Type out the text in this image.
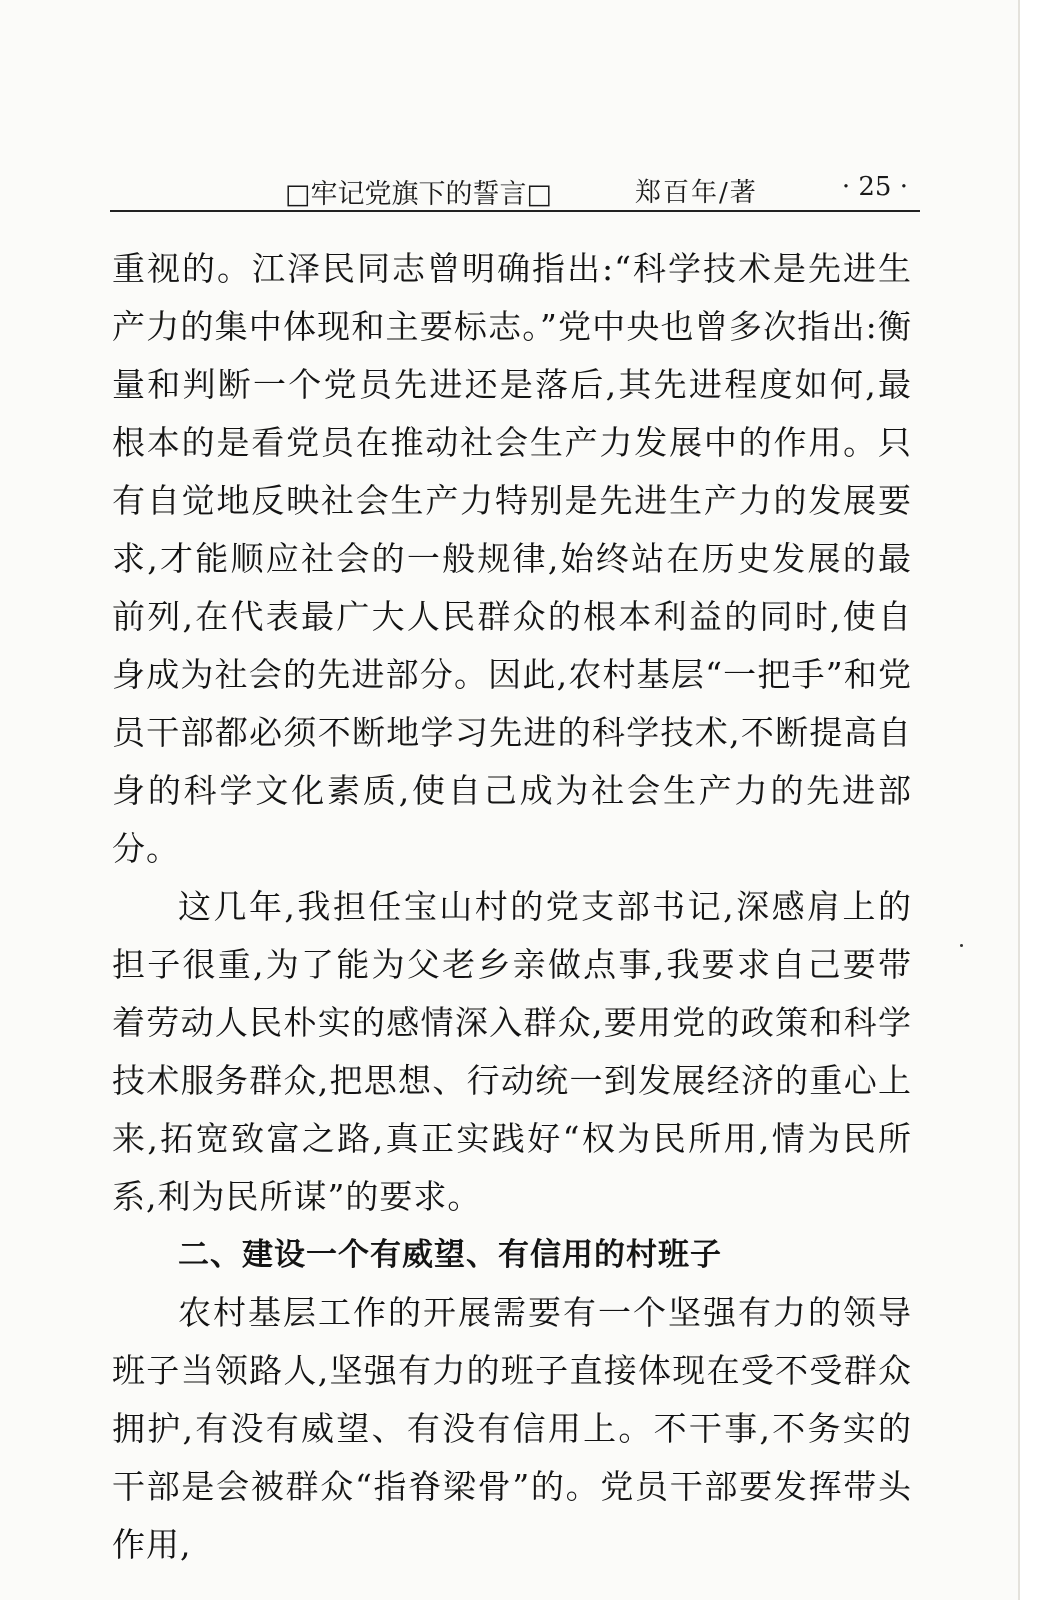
□牢记党旗下的誓言□	郑百年/著	· 25 ·

重视的。江泽民同志曾明确指出:“科学技术是先进生产力的集中体现和主要标志。”党中央也曾多次指出:衡量和判断一个党员先进还是落后,其先进程度如何,最根本的是看党员在推动社会生产力发展中的作用。只有自觉地反映社会生产力特别是先进生产力的发展要求,才能顺应社会的一般规律,始终站在历史发展的最前列,在代表最广大人民群众的根本利益的同时,使自身成为社会的先进部分。因此,农村基层“一把手”和党员干部都必须不断地学习先进的科学技术,不断提高自身的科学文化素质,使自己成为社会生产力的先进部分。

这几年,我担任宝山村的党支部书记,深感肩上的担子很重,为了能为父老乡亲做点事,我要求自己要带着劳动人民朴实的感情深入群众,要用党的政策和科学技术服务群众,把思想、行动统一到发展经济的重心上来,拓宽致富之路,真正实践好“权为民所用,情为民所系,利为民所谋”的要求。

二、建设一个有威望、有信用的村班子

农村基层工作的开展需要有一个坚强有力的领导班子当领路人,坚强有力的班子直接体现在受不受群众拥护,有没有威望、有没有信用上。不干事,不务实的干部是会被群众“指脊梁骨”的。党员干部要发挥带头作用,
